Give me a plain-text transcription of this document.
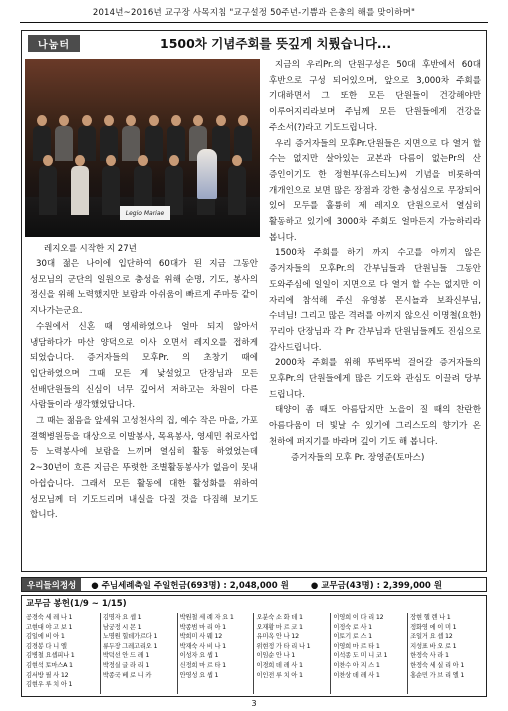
2014년~2016년 교구장 사목지침 "교구설정 50주년-기쁨과 은총의 해를 맞이하며"
나눔터	1500차 기념주회를 뜻깊게 치뤘습니다...
Legio Mariae
레지오를 시작한 지 27년

30대 젊은 나이에 입단하여 60대가 된 지금 그동안 성모님의 군단의 일원으로 충성을 위해 순명, 기도, 봉사의 정신을 위해 노력했지만 보람과 아쉬움이 빠르게 주마등 같이 지나가는군요.

수원에서 신혼 때 영세하였으나 얼마 되지 않아서 냉담하다가 마산 양덕으로 이사 오면서 레지오를 접하게 되었습니다. 증거자들의 모후Pr. 의 초창기 때에 입단하였으며 그때 모든 게 낯설었고 단장님과 모든 선배단원들의 신심이 너무 깊어서 저하고는 차원이 다른 사람들이라 생각했었답니다.

그 때는 젊음을 앞세워 고성천사의 집, 예수 작은 마을, 가포 결핵병원등을 대상으로 이발봉사, 목욕봉사, 영세민 취로사업 등 노력봉사에 보람을 느끼며 열심히 활동 하였었는데 2~30년이 흐른 지금은 뚜렷한 조별활동봉사가 없음이 못내 아쉽습니다. 그래서 모든 활동에 대한 활성화를 위하여 성모님께 더 기도드리며 내실을 다질 것을 다짐해 보기도 합니다.

지금의 우리Pr.의 단원구성은 50대 후반에서 60대 후반으로 구성 되어있으며, 앞으로 3,000차 주회를 기대하면서 그 또한 모든 단원들이 건강해야만 이루어지리라보며 주님께 모든 단원들에게 건강을 주소서(?)라고 기도드립니다.

우리 증거자들의 모후Pr.단원들은 지면으로 다 열거 할 수는 없지만 살아있는 교본과 다름이 없는Pr의 산 증인이기도 한 정현부(유스티노)씨 기념을 비롯하여 개개인으로 보면 많은 장점과 강한 충성심으로 무장되어 있어 모두를 훌륭히 제 레지오 단원으로서 열심히 활동하고 있기에 3000차 주회도 얼마든지 가능하리라 봅니다.

1500차 주회를 하기 까지 수고를 아끼지 않은 증거자들의 모후Pr.의 간부님들과 단원님들 그동안 도와주심에 일일이 지면으로 다 열거 할 수는 없지만 이 자리에 참석해 주신 유영봉 몬시뇰과 보좌신부님, 수녀님! 그리고 많은 격려를 아끼지 않으신 이명철(요한) 꾸리아 단장님과 각 Pr 간부님과 단원님들께도 진심으로 감사드립니다.

2000차 주회를 위해 뚜벅뚜벅 걸어갈 증거자들의 모후Pr.의 단원들에게 많은 기도와 관심도 이끌려 당부 드립니다.

태양이 좀 때도 아름답지만 노을이 질 때의 찬란한 아름다움이 더 빛날 수 있기에 그리스도의 향기가 온 천하에 퍼지기를 바라며 깊이 기도 해 봅니다.

증거자들의 모후 Pr. 장영준(토마스)
우리들의정성	● 주님세례축일 주일헌금(693명) : 2,048,000 원	● 교무금(43명) : 2,399,000 원
교무금 봉헌(1/9 ~ 1/15)
공경숙 세 레 나 1
고현대 야 고 보 1
김일에 비 아 1
김경봉 다 니 엘
김병철 요셉피나 1
김현석 토마스A 1
김서방 필 사 12
김현우 루 치 아 1
김명자 요 셉 1
남궁정 시 몬 1
노명원 힐데가르다 1
류두장 그레고리오 1
박덕선 안 드 레 1
박정실 글 라 리 1
박종국 베 로 니 카
박원철 세 례 자 요 1
박종범 마 리 아 1
박희미 사 뭬 12
박재숙 사 비 나 1
이성자 요 셉 1
신정희 마 르 타 1
안영성 요 셉 1
오분숙 소 화 데 1
오재황 마 르 코 1
유미옥 안 나 12
위현정 가 타 리 나 1
이임순 안 나 1
이경희 데 레 사 1
이인전 루 치 아 1
이영희 이 다 리 12
이정숙 로 사 1
이토기 로 스 1
이영희 마 르 타 1
이석종 도 미 니 코 1
이찬수 아 지 스 1
이찬상 데 레 사 1
장현 헬 렌 나 1
정화영 에 이 미 1
조일거 요 셉 12
지성표 바 오 로 1
한정숙 사 라 1
한정숙 세 실 리 아 1
홍순민 가 브 리 엘 1
3
